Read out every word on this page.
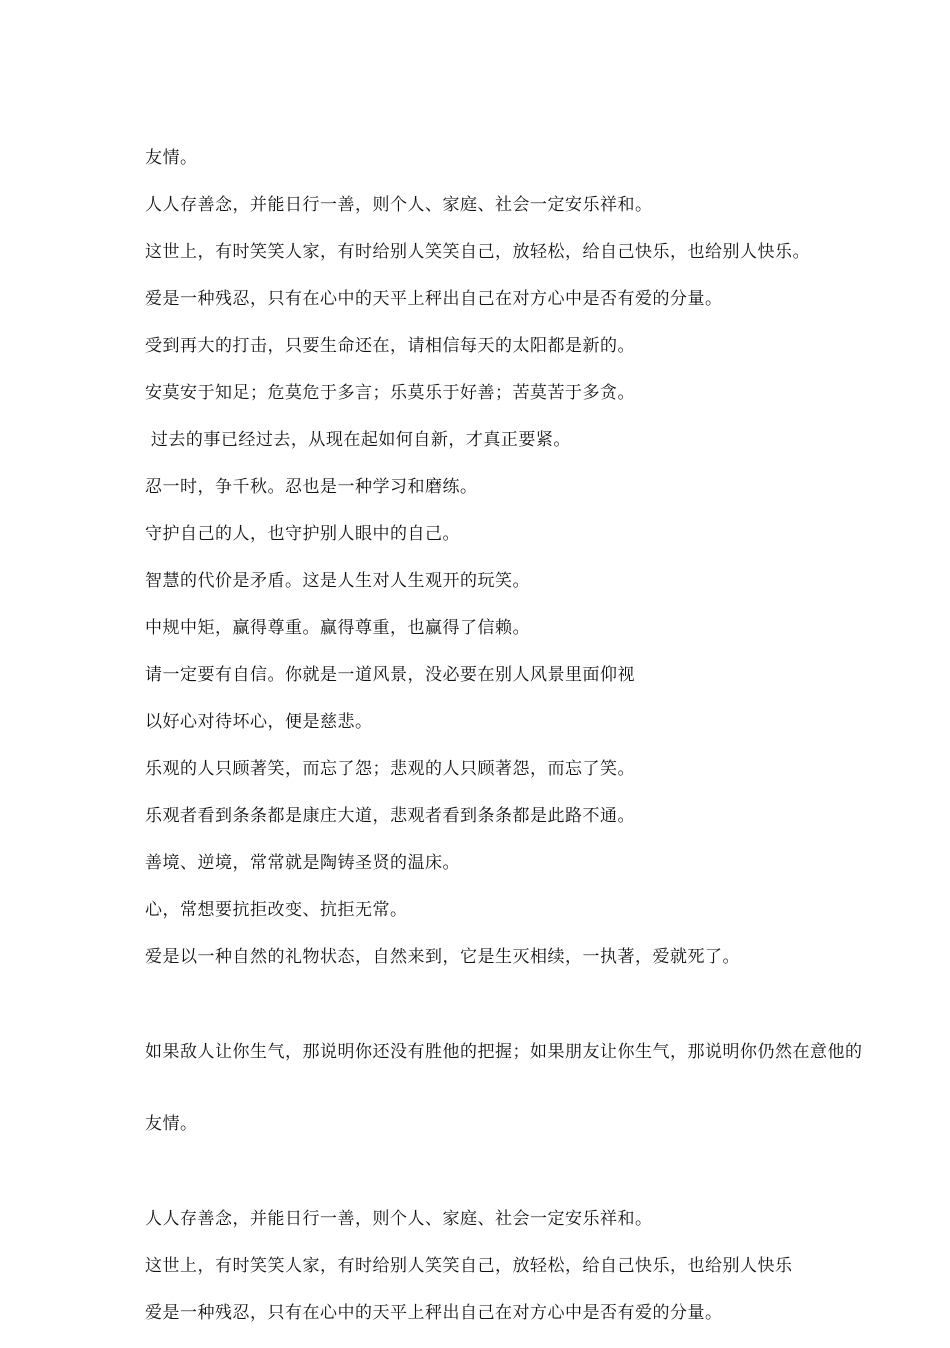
友情。

人人存善念，并能日行一善，则个人、家庭、社会一定安乐祥和。

这世上，有时笑笑人家，有时给别人笑笑自己，放轻松，给自己快乐，也给别人快乐。

爱是一种残忍，只有在心中的天平上秤出自己在对方心中是否有爱的分量。

受到再大的打击，只要生命还在，请相信每天的太阳都是新的。

安莫安于知足；危莫危于多言；乐莫乐于好善；苦莫苦于多贪。

过去的事已经过去，从现在起如何自新，才真正要紧。

忍一时，争千秋。忍也是一种学习和磨练。

守护自己的人，也守护别人眼中的自己。

智慧的代价是矛盾。这是人生对人生观开的玩笑。

中规中矩，赢得尊重。赢得尊重，也赢得了信赖。

请一定要有自信。你就是一道风景，没必要在别人风景里面仰视

以好心对待坏心，便是慈悲。

乐观的人只顾著笑，而忘了怨；悲观的人只顾著怨，而忘了笑。

乐观者看到条条都是康庄大道，悲观者看到条条都是此路不通。

善境、逆境，常常就是陶铸圣贤的温床。

心，常想要抗拒改变、抗拒无常。

爱是以一种自然的礼物状态，自然来到，它是生灭相续，一执著，爱就死了。

如果敌人让你生气，那说明你还没有胜他的把握；如果朋友让你生气，那说明你仍然在意他的

友情。

人人存善念，并能日行一善，则个人、家庭、社会一定安乐祥和。

这世上，有时笑笑人家，有时给别人笑笑自己，放轻松，给自己快乐，也给别人快乐

爱是一种残忍，只有在心中的天平上秤出自己在对方心中是否有爱的分量。
